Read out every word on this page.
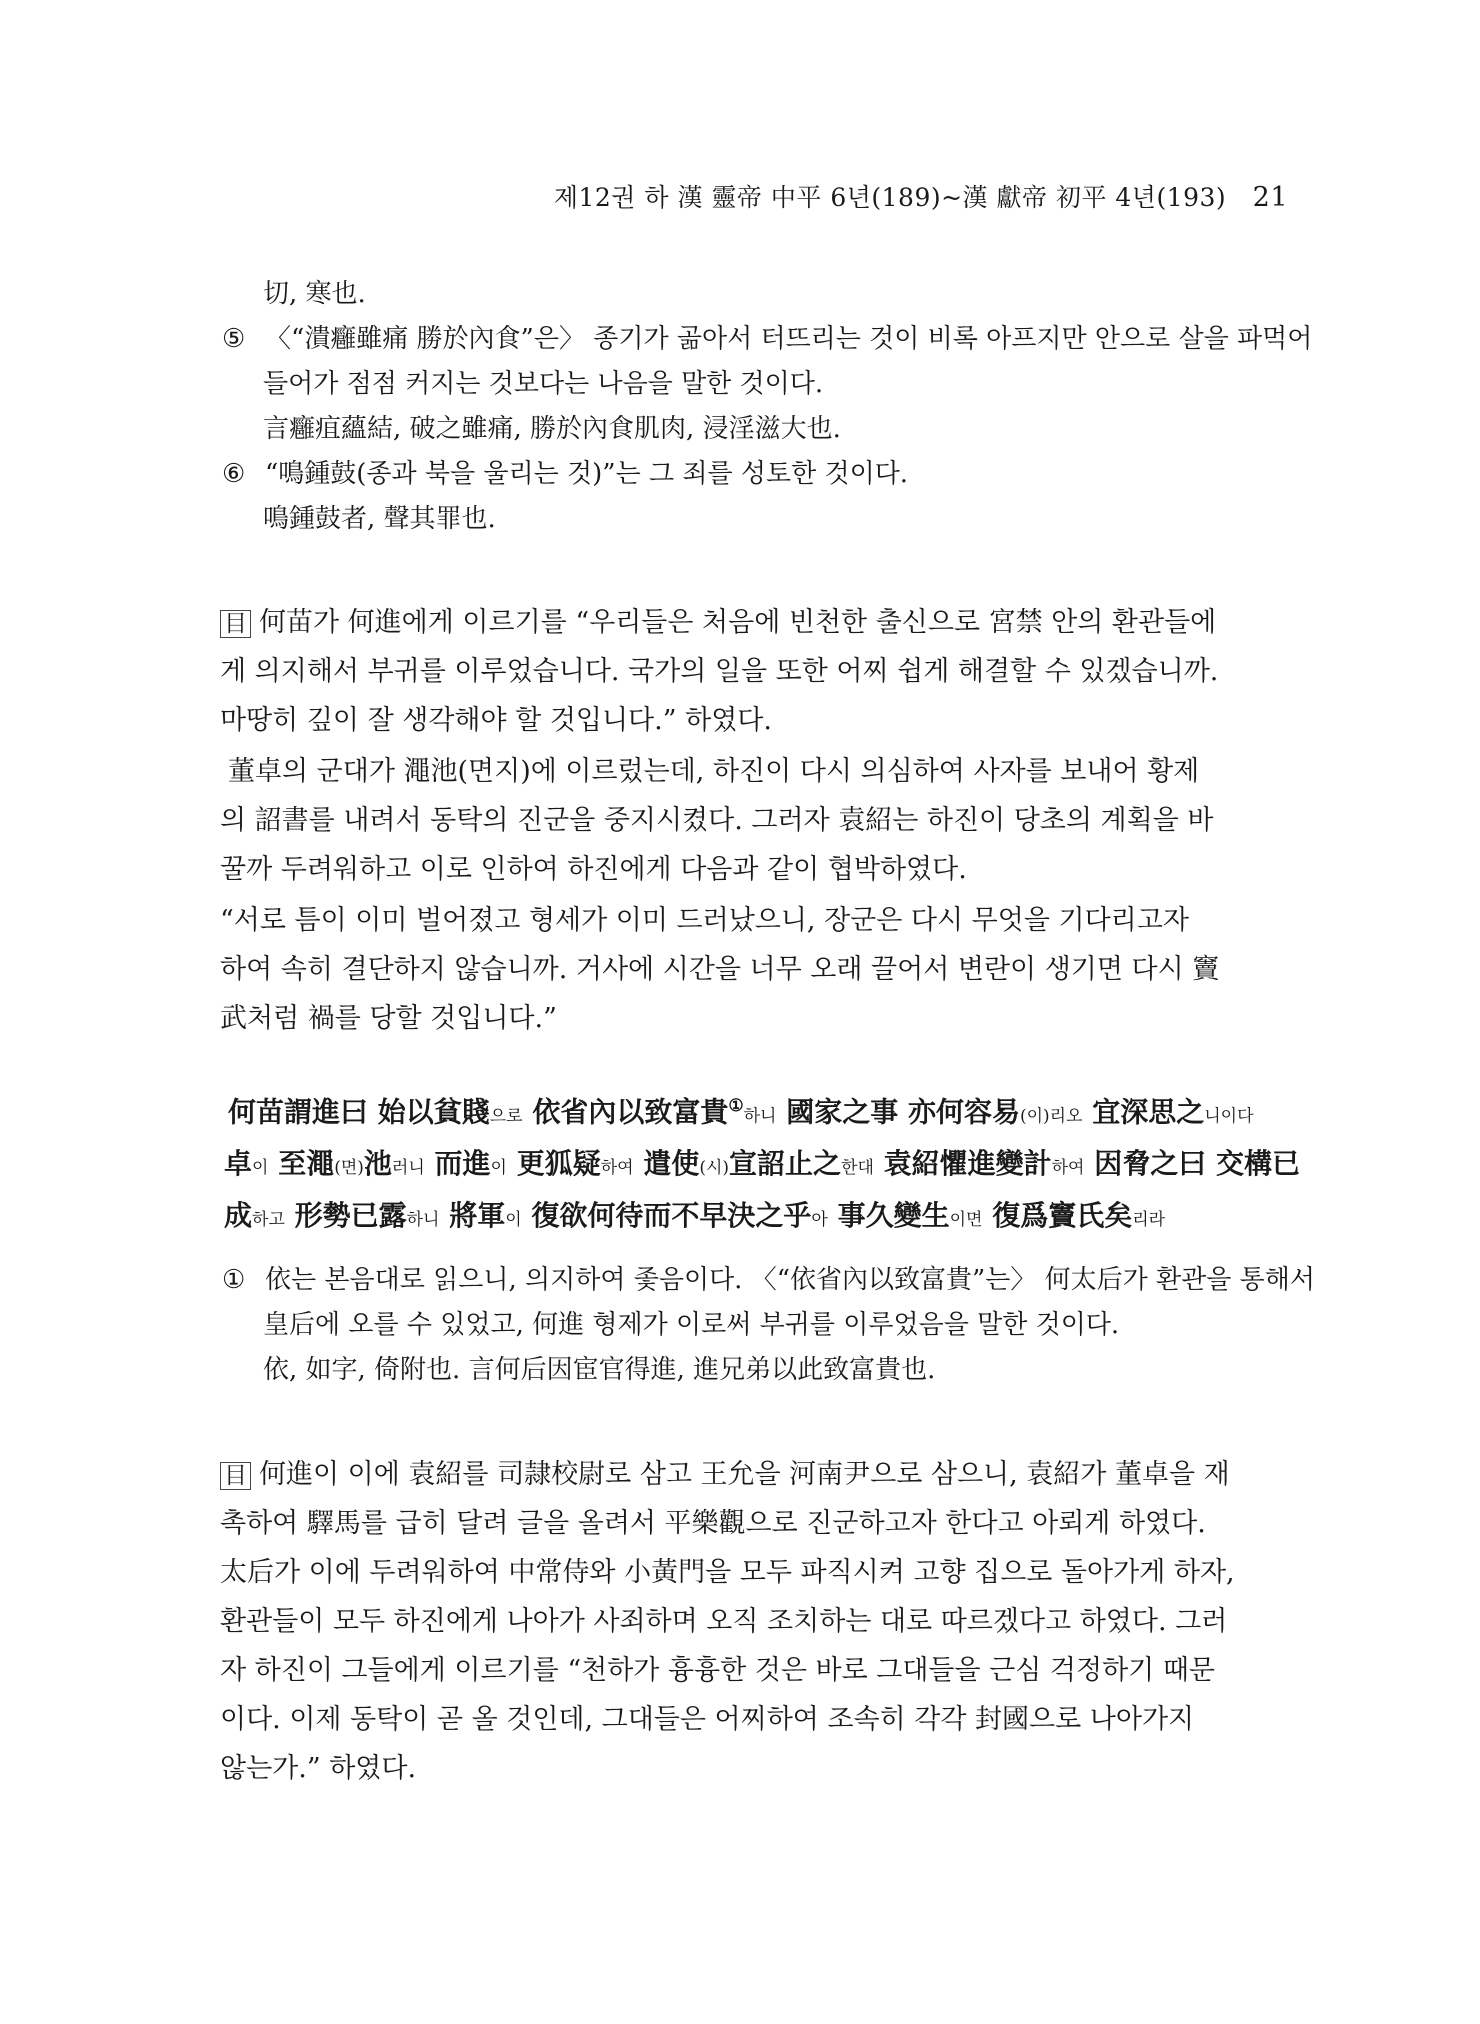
제12권 하 漢 靈帝 中平 6년(189)~漢 獻帝 初平 4년(193) 21
切, 寒也.
⑤ 〈“潰癰雖痛 勝於內食”은〉 종기가 곪아서 터뜨리는 것이 비록 아프지만 안으로 살을 파먹어
들어가 점점 커지는 것보다는 나음을 말한 것이다.
言癰疽蘊結, 破之雖痛, 勝於內食肌肉, 浸淫滋大也.
⑥ “鳴鍾鼓(종과 북을 울리는 것)”는 그 죄를 성토한 것이다.
鳴鍾鼓者, 聲其罪也.
目 何苗가 何進에게 이르기를 “우리들은 처음에 빈천한 출신으로 宮禁 안의 환관들에
게 의지해서 부귀를 이루었습니다. 국가의 일을 또한 어찌 쉽게 해결할 수 있겠습니까.
마땅히 깊이 잘 생각해야 할 것입니다.” 하였다.
董卓의 군대가 澠池(면지)에 이르렀는데, 하진이 다시 의심하여 사자를 보내어 황제
의 詔書를 내려서 동탁의 진군을 중지시켰다. 그러자 袁紹는 하진이 당초의 계획을 바
꿀까 두려워하고 이로 인하여 하진에게 다음과 같이 협박하였다.
“서로 틈이 이미 벌어졌고 형세가 이미 드러났으니, 장군은 다시 무엇을 기다리고자
하여 속히 결단하지 않습니까. 거사에 시간을 너무 오래 끌어서 변란이 생기면 다시 竇
武처럼 禍를 당할 것입니다.”
何苗謂進曰 始以貧賤으로 依省內以致富貴①하니 國家之事 亦何容易(이)리오 宜深思之니이다
卓이 至澠(면)池러니 而進이 更狐疑하여 遣使(시)宣詔止之한대 袁紹懼進變計하여 因脅之曰 交構已
成하고 形勢已露하니 將軍이 復欲何待而不早決之乎아 事久變生이면 復爲竇氏矣리라
① 依는 본음대로 읽으니, 의지하여 좇음이다. 〈“依省內以致富貴”는〉 何太后가 환관을 통해서
皇后에 오를 수 있었고, 何進 형제가 이로써 부귀를 이루었음을 말한 것이다.
依, 如字, 倚附也. 言何后因宦官得進, 進兄弟以此致富貴也.
目 何進이 이에 袁紹를 司隷校尉로 삼고 王允을 河南尹으로 삼으니, 袁紹가 董卓을 재
촉하여 驛馬를 급히 달려 글을 올려서 平樂觀으로 진군하고자 한다고 아뢰게 하였다.
太后가 이에 두려워하여 中常侍와 小黃門을 모두 파직시켜 고향 집으로 돌아가게 하자,
환관들이 모두 하진에게 나아가 사죄하며 오직 조치하는 대로 따르겠다고 하였다. 그러
자 하진이 그들에게 이르기를 “천하가 흉흉한 것은 바로 그대들을 근심 걱정하기 때문
이다. 이제 동탁이 곧 올 것인데, 그대들은 어찌하여 조속히 각각 封國으로 나아가지
않는가.” 하였다.
